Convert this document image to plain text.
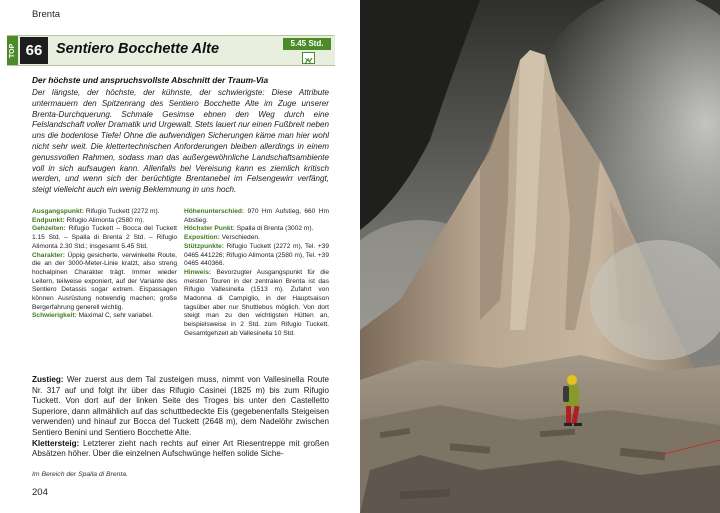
Brenta
TOP 66 Sentiero Bocchette Alte	5.45 Std.
Der höchste und anspruchsvollste Abschnitt der Traum-Via
Der längste, der höchste, der kühnste, der schwierigste: Diese Attribute untermauern den Spitzenrang des Sentiero Bocchette Alte im Zuge unserer Brenta-Durchquerung. Schmale Gesimse ebnen den Weg durch eine Felslandschaft voller Dramatik und Urgewalt. Stets lauert nur einen Fußbreit neben uns die bodenlose Tiefe! Ohne die aufwendigen Sicherungen käme man hier wohl nicht sehr weit. Die klettertechnischen Anforderungen bleiben allerdings in einem genussvollen Rahmen, sodass man das außergewöhnliche Landschaftsambiente voll in sich aufsaugen kann. Allenfalls bei Vereisung kann es ziemlich kritisch werden, und wenn sich der berüchtigte Brentanebel im Felsengewirr verfängt, steigt vielleicht auch ein wenig Beklemmung in uns hoch.

Ausgangspunkt: Rifugio Tuckett (2272 m).

Endpunkt: Rifugio Alimonta (2580 m).

Gehzeiten: Rifugio Tuckett – Bocca del Tuckett 1.15 Std. – Spalla di Brenta 2 Std. – Rifugio Alimonta 2.30 Std.; insgesamt 5.45 Std.

Charakter: Üppig gesicherte, verwinkelte Route, die an der 3000-Meter-Linie kratzt, also streng hochalpinen Charakter trägt. Immer wieder Leitern, teilweise exponiert, auf der Variante des Sentiero Detassis sogar extrem. Eispassagen können Ausrüstung notwendig machen; große Bergerfahrung generell wichtig.

Schwierigkeit: Maximal C, sehr variabel.

Höhenunterschied: 970 Hm Aufstieg, 660 Hm Abstieg.

Höchster Punkt: Spalla di Brenta (3002 m).

Exposition: Verschieden.

Stützpunkte: Rifugio Tuckett (2272 m), Tel. +39 0465 441226; Rifugio Alimonta (2580 m), Tel. +39 0465 440366.

Hinweis: Bevorzugter Ausgangspunkt für die meisten Touren in der zentralen Brenta ist das Rifugio Vallesinella (1513 m). Zufahrt von Madonna di Campiglio, in der Hauptsaison tagsüber aber nur Shuttlebus möglich. Von dort steigt man zu den wichtigsten Hütten an, beispielsweise in 2 Std. zum Rifugio Tuckett. Gesamtgehzeit ab Vallesinella 10 Std.

Zustieg: Wer zuerst aus dem Tal zusteigen muss, nimmt von Vallesinella Route Nr. 317 auf und folgt ihr über das Rifugio Casinei (1825 m) bis zum Rifugio Tuckett. Von dort auf der linken Seite des Troges bis unter den Castelletto Superiore, dann allmählich auf das schuttbedeckte Eis (gegebenenfalls Steigeisen verwenden) und hinauf zur Bocca del Tuckett (2648 m), dem Nadelöhr zwischen Sentiero Benini und Sentiero Bocchette Alte.

Klettersteig: Letzterer zieht nach rechts auf einer Art Riesentreppe mit großen Absätzen höher. Über die einzelnen Aufschwünge helfen solide Siche-

Im Bereich der Spalla di Brenta.
204
